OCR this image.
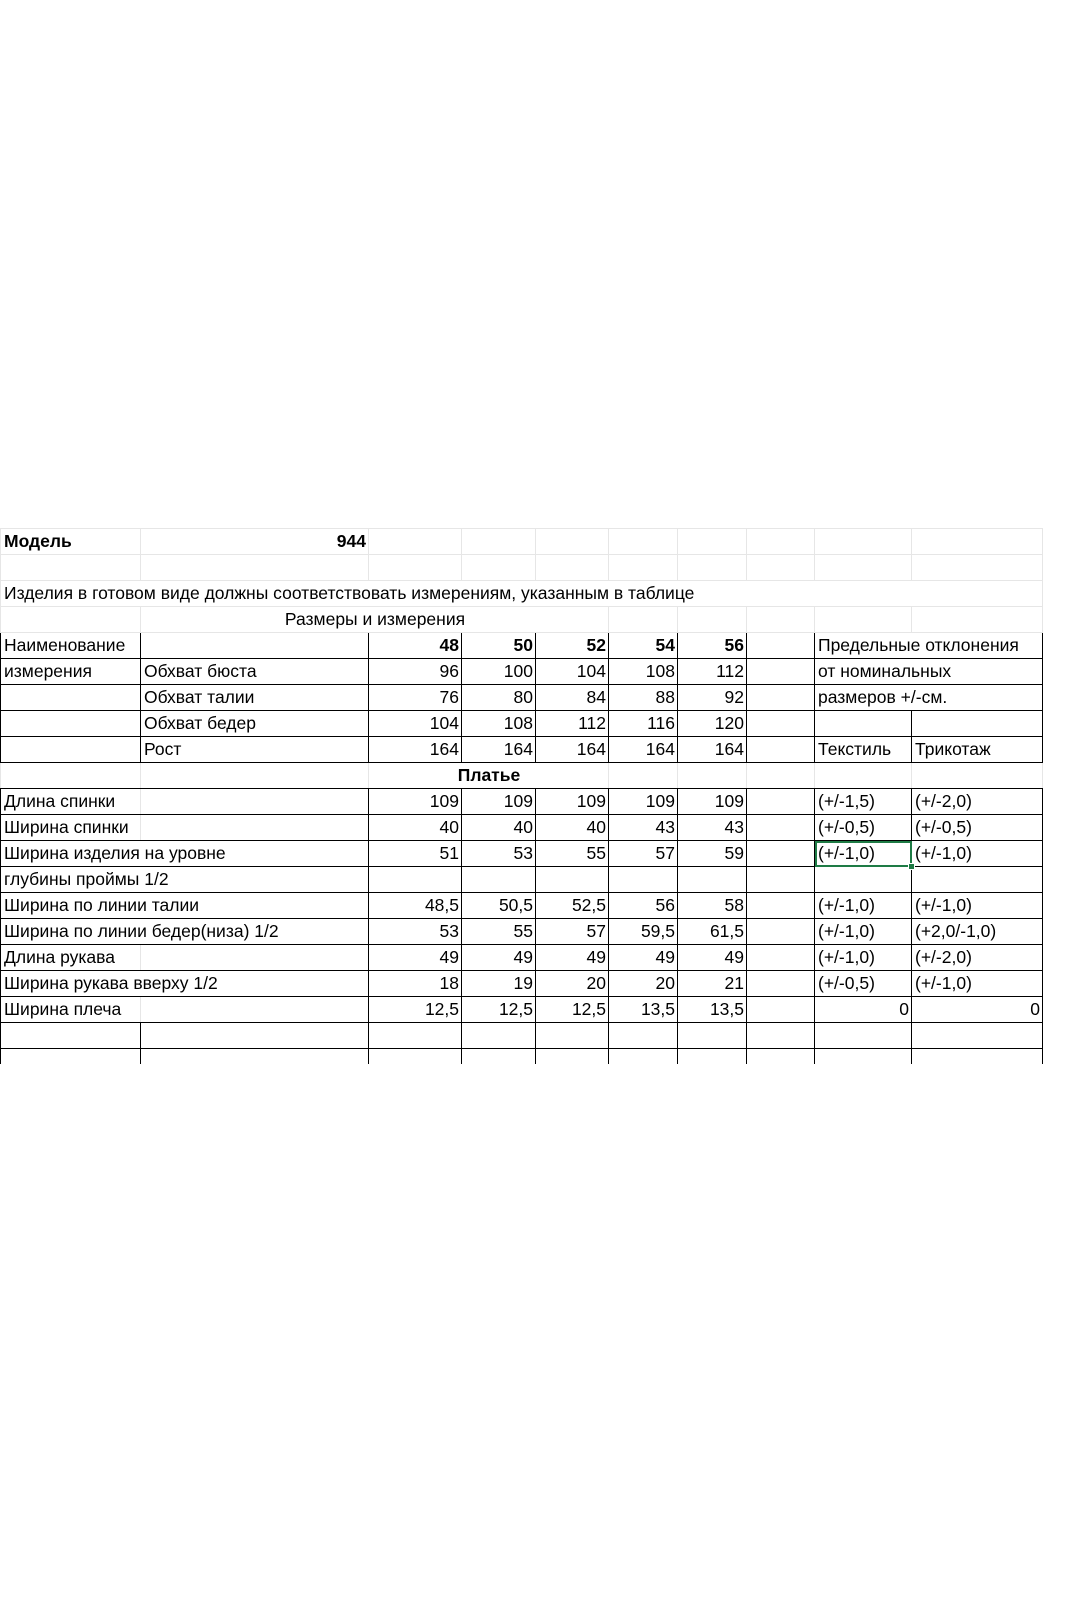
Модель	944								

Изделия в готовом виде должны соответствовать измерениям, указанным в таблице									
	Размеры и измерения								
Наименование		48	50	52	54	56		Предельные отклонения	
измерения	Обхват бюста	96	100	104	108	112		от номинальных	
	Обхват талии	76	80	84	88	92		размеров +/-см.	
	Обхват бедер	104	108	112	116	120			
	Рост	164	164	164	164	164		Текстиль	Трикотаж
		Платье							
Длина спинки		109	109	109	109	109		(+/-1,5)	(+/-2,0)
Ширина спинки		40	40	40	43	43		(+/-0,5)	(+/-0,5)
Ширина изделия на уровне		51	53	55	57	59		(+/-1,0)	(+/-1,0)
глубины проймы 1/2									
Ширина по линии талии		48,5	50,5	52,5	56	58		(+/-1,0)	(+/-1,0)
Ширина по линии бедер(низа) 1/2		53	55	57	59,5	61,5		(+/-1,0)	(+2,0/-1,0)
Длина рукава		49	49	49	49	49		(+/-1,0)	(+/-2,0)
Ширина рукава вверху 1/2		18	19	20	20	21		(+/-0,5)	(+/-1,0)
Ширина плеча		12,5	12,5	12,5	13,5	13,5		0	0
